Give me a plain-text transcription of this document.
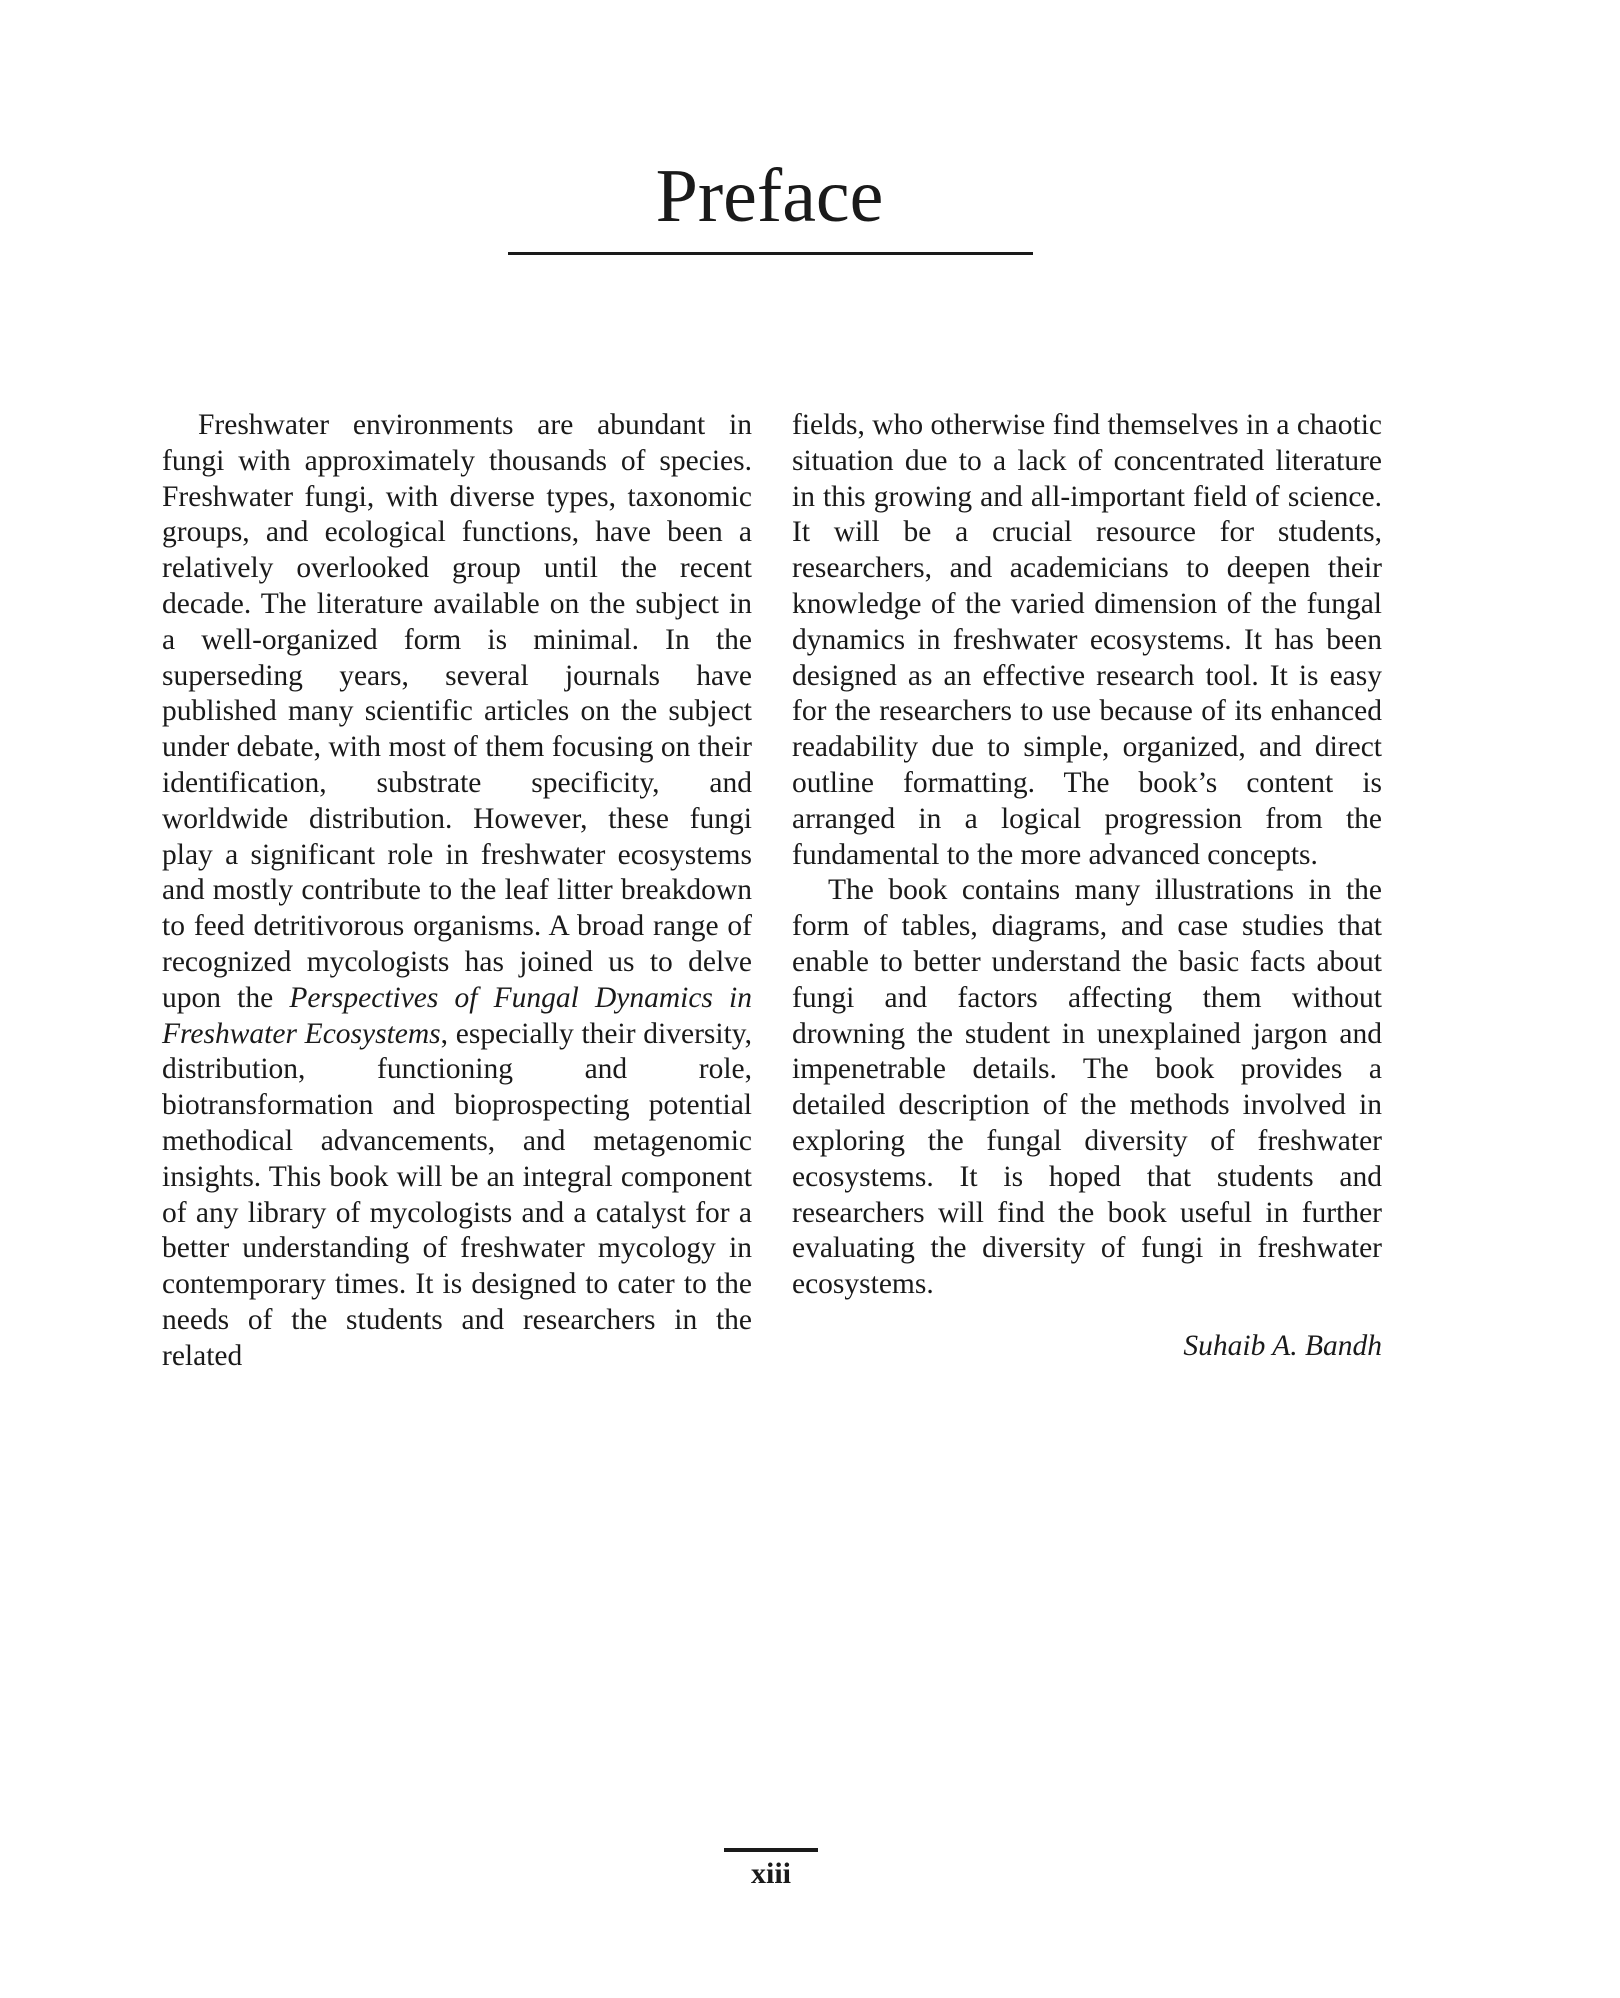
Preface

Freshwater environments are abundant in fungi with approximately thousands of species. Freshwater fungi, with diverse types, taxonomic groups, and ecological functions, have been a relatively overlooked group until the recent decade. The literature available on the subject in a well-organized form is minimal. In the superseding years, several journals have published many scientific articles on the subject under debate, with most of them focusing on their identification, substrate specificity, and worldwide distribution. However, these fungi play a significant role in freshwater ecosystems and mostly contribute to the leaf litter breakdown to feed detritivorous organisms. A broad range of recognized mycologists has joined us to delve upon the Perspectives of Fungal Dynamics in Freshwater Ecosystems, especially their diversity, distribution, functioning and role, biotransformation and bioprospecting potential methodical advancements, and metagenomic insights. This book will be an integral component of any library of mycologists and a catalyst for a better understanding of freshwater mycology in contemporary times. It is designed to cater to the needs of the students and researchers in the related

fields, who otherwise find themselves in a chaotic situation due to a lack of concentrated literature in this growing and all-important field of science. It will be a crucial resource for students, researchers, and academicians to deepen their knowledge of the varied dimension of the fungal dynamics in freshwater ecosystems. It has been designed as an effective research tool. It is easy for the researchers to use because of its enhanced readability due to simple, organized, and direct outline formatting. The book’s content is arranged in a logical progression from the fundamental to the more advanced concepts.

The book contains many illustrations in the form of tables, diagrams, and case studies that enable to better understand the basic facts about fungi and factors affecting them without drowning the student in unexplained jargon and impenetrable details. The book provides a detailed description of the methods involved in exploring the fungal diversity of freshwater ecosystems. It is hoped that students and researchers will find the book useful in further evaluating the diversity of fungi in freshwater ecosystems.

Suhaib A. Bandh

xiii
